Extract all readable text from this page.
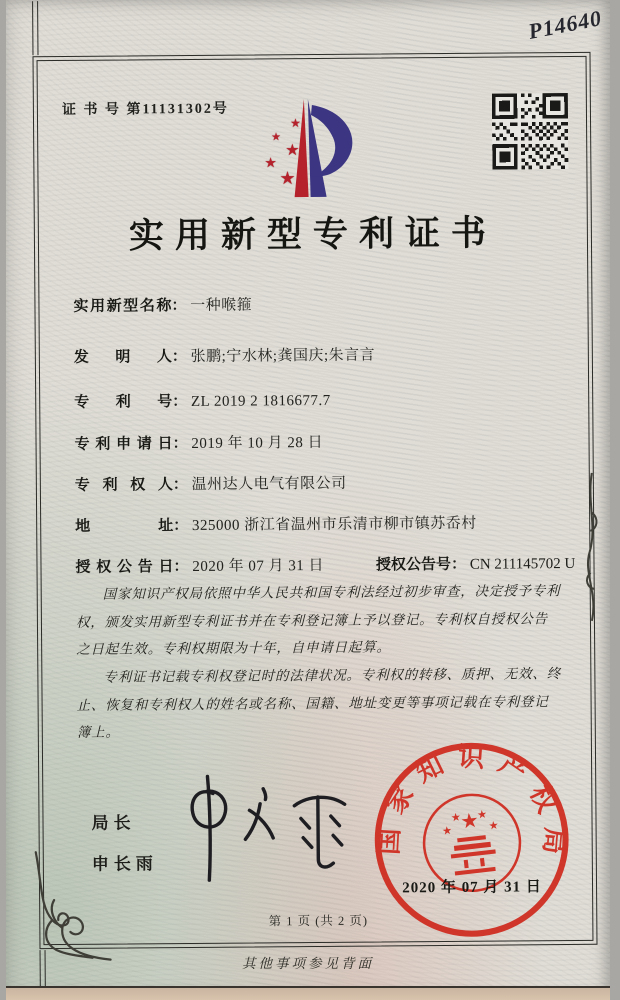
证 书 号 第11131302号
★
★
★
★
★
实用新型专利证书
实用新型名称： 一种喉箍
发明人： 张鹏;宁水林;龚国庆;朱言言
专利号： ZL 2019 2 1816677.7
专利申请日： 2019 年 10 月 28 日
专利权人： 温州达人电气有限公司
地址： 325000 浙江省温州市乐清市柳市镇苏岙村
授权公告日： 2020 年 07 月 31 日	授权公告号： CN 211145702 U

国家知识产权局依照中华人民共和国专利法经过初步审查，决定授予专利权，颁发实用新型专利证书并在专利登记簿上予以登记。专利权自授权公告之日起生效。专利权期限为十年，自申请日起算。

专利证书记载专利权登记时的法律状况。专利权的转移、质押、无效、终止、恢复和专利权人的姓名或名称、国籍、地址变更等事项记载在专利登记簿上。

局长
申长雨
国家知识产权局
★
★
★ ★
★
2020 年 07 月 31 日
第 1 页 (共 2 页)
其他事项参见背面
P14640
